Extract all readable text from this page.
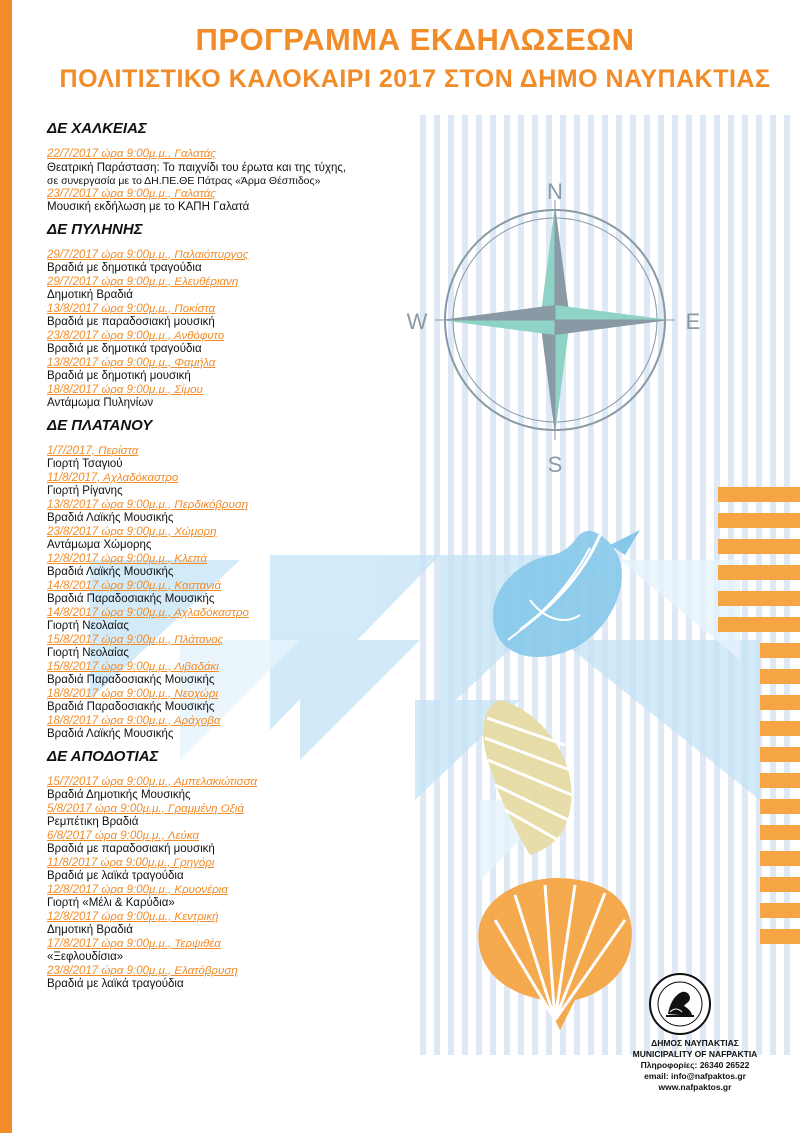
N
S
E
W
ΠΡΟΓΡΑΜΜΑ ΕΚΔΗΛΩΣΕΩΝ
ΠΟΛΙΤΙΣΤΙΚΟ ΚΑΛΟΚΑΙΡΙ 2017 ΣΤΟΝ ΔΗΜΟ ΝΑΥΠΑΚΤΙΑΣ
ΔΕ ΧΑΛΚΕΙΑΣ
22/7/2017 ώρα 9:00μ.μ., Γαλατάς
Θεατρική Παράσταση: Το παιχνίδι του έρωτα και της τύχης,
σε συνεργασία με το ΔΗ.ΠΕ.ΘΕ Πάτρας «Άρμα Θέσπιδος»
23/7/2017 ώρα 9:00μ.μ., Γαλατάς
Μουσική εκδήλωση με το ΚΑΠΗ Γαλατά
ΔΕ ΠΥΛΗΝΗΣ
29/7/2017 ώρα 9:00μ.μ., Παλαιόπυργος
Βραδιά με δημοτικά τραγούδια
29/7/2017 ώρα 9:00μ.μ., Ελευθέριανη
Δημοτική Βραδιά
13/8/2017 ώρα 9:00μ.μ., Ποκίστα
Βραδιά με παραδοσιακή μουσική
23/8/2017 ώρα 9:00μ.μ., Ανθόφυτο
Βραδιά με δημοτικά τραγούδια
13/8/2017 ώρα 9:00μ.μ., Φαμήλα
Βραδιά με δημοτική μουσική
18/8/2017 ώρα 9:00μ.μ., Σίμου
Αντάμωμα Πυληνίων
ΔΕ ΠΛΑΤΑΝΟΥ
1/7/2017, Περίστα
Γιορτή Τσαγιού
11/8/2017, Αχλαδόκαστρο
Γιορτή Ρίγανης
13/8/2017 ώρα 9:00μ.μ., Περδικόβρυση
Βραδιά Λαϊκής Μουσικής
23/8/2017 ώρα 9:00μ.μ., Χώμορη
Αντάμωμα Χώμορης
12/8/2017 ώρα 9:00μ.μ., Κλεπά
Βραδιά Λαϊκής Μουσικής
14/8/2017 ώρα 9:00μ.μ., Καστανιά
Βραδιά Παραδοσιακής Μουσικής
14/8/2017 ώρα 9:00μ.μ., Αχλαδόκαστρο
Γιορτή Νεολαίας
15/8/2017 ώρα 9:00μ.μ., Πλάτανος
Γιορτή Νεολαίας
15/8/2017 ώρα 9:00μ.μ., Λιβαδάκι
Βραδιά Παραδοσιακής Μουσικής
18/8/2017 ώρα 9:00μ.μ., Νεοχώρι
Βραδιά Παραδοσιακής Μουσικής
18/8/2017 ώρα 9:00μ.μ., Αράχοβα
Βραδιά Λαϊκής Μουσικής
ΔΕ ΑΠΟΔΟΤΙΑΣ
15/7/2017 ώρα 9:00μ.μ., Αμπελακιώτισσα
Βραδιά Δημοτικής Μουσικής
5/8/2017 ώρα 9:00μ.μ., Γραμμένη Οξιά
Ρεμπέτικη Βραδιά
6/8/2017 ώρα 9:00μ.μ., Λεύκα
Βραδιά με παραδοσιακή μουσική
11/8/2017 ώρα 9:00μ.μ., Γρηγόρι
Βραδιά με λαϊκά τραγούδια
12/8/2017 ώρα 9:00μ.μ., Κρυονέρια
Γιορτή «Μέλι & Καρύδια»
12/8/2017 ώρα 9:00μ.μ., Κεντρική
Δημοτική Βραδιά
17/8/2017 ώρα 9:00μ.μ., Τερψιθέα
«Ξεφλουδίσια»
23/8/2017 ώρα 9:00μ.μ., Ελατόβρυση
Βραδιά με λαϊκά τραγούδια
ΔΗΜΟΣ ΝΑΥΠΑΚΤΙΑΣ
MUNICIPALITY OF NAFPAKTIA
Πληροφορίες: 26340 26522
email: info@nafpaktos.gr
www.nafpaktos.gr
